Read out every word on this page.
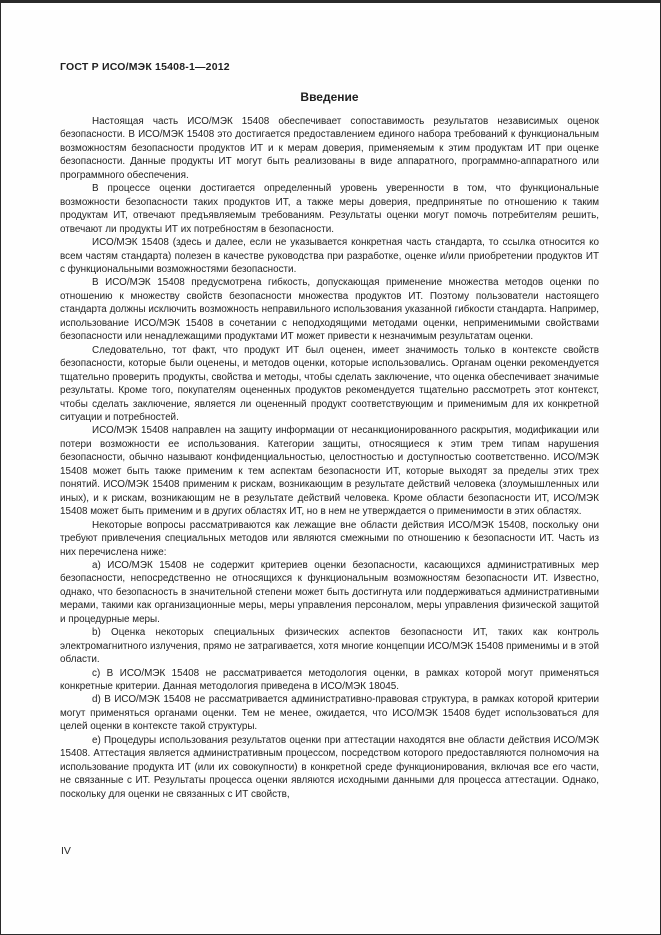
ГОСТ Р ИСО/МЭК 15408-1—2012

Введение

Настоящая часть ИСО/МЭК 15408 обеспечивает сопоставимость результатов независимых оценок безопасности. В ИСО/МЭК 15408 это достигается предоставлением единого набора требований к функциональным возможностям безопасности продуктов ИТ и к мерам доверия, применяемым к этим продуктам ИТ при оценке безопасности. Данные продукты ИТ могут быть реализованы в виде аппаратного, программно-аппаратного или программного обеспечения.

В процессе оценки достигается определенный уровень уверенности в том, что функциональные возможности безопасности таких продуктов ИТ, а также меры доверия, предпринятые по отношению к таким продуктам ИТ, отвечают предъявляемым требованиям. Результаты оценки могут помочь потребителям решить, отвечают ли продукты ИТ их потребностям в безопасности.

ИСО/МЭК 15408 (здесь и далее, если не указывается конкретная часть стандарта, то ссылка относится ко всем частям стандарта) полезен в качестве руководства при разработке, оценке и/или приобретении продуктов ИТ с функциональными возможностями безопасности.

В ИСО/МЭК 15408 предусмотрена гибкость, допускающая применение множества методов оценки по отношению к множеству свойств безопасности множества продуктов ИТ. Поэтому пользователи настоящего стандарта должны исключить возможность неправильного использования указанной гибкости стандарта. Например, использование ИСО/МЭК 15408 в сочетании с неподходящими методами оценки, неприменимыми свойствами безопасности или ненадлежащими продуктами ИТ может привести к незначимым результатам оценки.

Следовательно, тот факт, что продукт ИТ был оценен, имеет значимость только в контексте свойств безопасности, которые были оценены, и методов оценки, которые использовались. Органам оценки рекомендуется тщательно проверить продукты, свойства и методы, чтобы сделать заключение, что оценка обеспечивает значимые результаты. Кроме того, покупателям оцененных продуктов рекомендуется тщательно рассмотреть этот контекст, чтобы сделать заключение, является ли оцененный продукт соответствующим и применимым для их конкретной ситуации и потребностей.

ИСО/МЭК 15408 направлен на защиту информации от несанкционированного раскрытия, модификации или потери возможности ее использования. Категории защиты, относящиеся к этим трем типам нарушения безопасности, обычно называют конфиденциальностью, целостностью и доступностью соответственно. ИСО/МЭК 15408 может быть также применим к тем аспектам безопасности ИТ, которые выходят за пределы этих трех понятий. ИСО/МЭК 15408 применим к рискам, возникающим в результате действий человека (злоумышленных или иных), и к рискам, возникающим не в результате действий человека. Кроме области безопасности ИТ, ИСО/МЭК 15408 может быть применим и в других областях ИТ, но в нем не утверждается о применимости в этих областях.

Некоторые вопросы рассматриваются как лежащие вне области действия ИСО/МЭК 15408, поскольку они требуют привлечения специальных методов или являются смежными по отношению к безопасности ИТ. Часть из них перечислена ниже:

a) ИСО/МЭК 15408 не содержит критериев оценки безопасности, касающихся административных мер безопасности, непосредственно не относящихся к функциональным возможностям безопасности ИТ. Известно, однако, что безопасность в значительной степени может быть достигнута или поддерживаться административными мерами, такими как организационные меры, меры управления персоналом, меры управления физической защитой и процедурные меры.

b) Оценка некоторых специальных физических аспектов безопасности ИТ, таких как контроль электромагнитного излучения, прямо не затрагивается, хотя многие концепции ИСО/МЭК 15408 применимы и в этой области.

c) В ИСО/МЭК 15408 не рассматривается методология оценки, в рамках которой могут применяться конкретные критерии. Данная методология приведена в ИСО/МЭК 18045.

d) В ИСО/МЭК 15408 не рассматривается административно-правовая структура, в рамках которой критерии могут применяться органами оценки. Тем не менее, ожидается, что ИСО/МЭК 15408 будет использоваться для целей оценки в контексте такой структуры.

e) Процедуры использования результатов оценки при аттестации находятся вне области действия ИСО/МЭК 15408. Аттестация является административным процессом, посредством которого предоставляются полномочия на использование продукта ИТ (или их совокупности) в конкретной среде функционирования, включая все его части, не связанные с ИТ. Результаты процесса оценки являются исходными данными для процесса аттестации. Однако, поскольку для оценки не связанных с ИТ свойств,

IV
